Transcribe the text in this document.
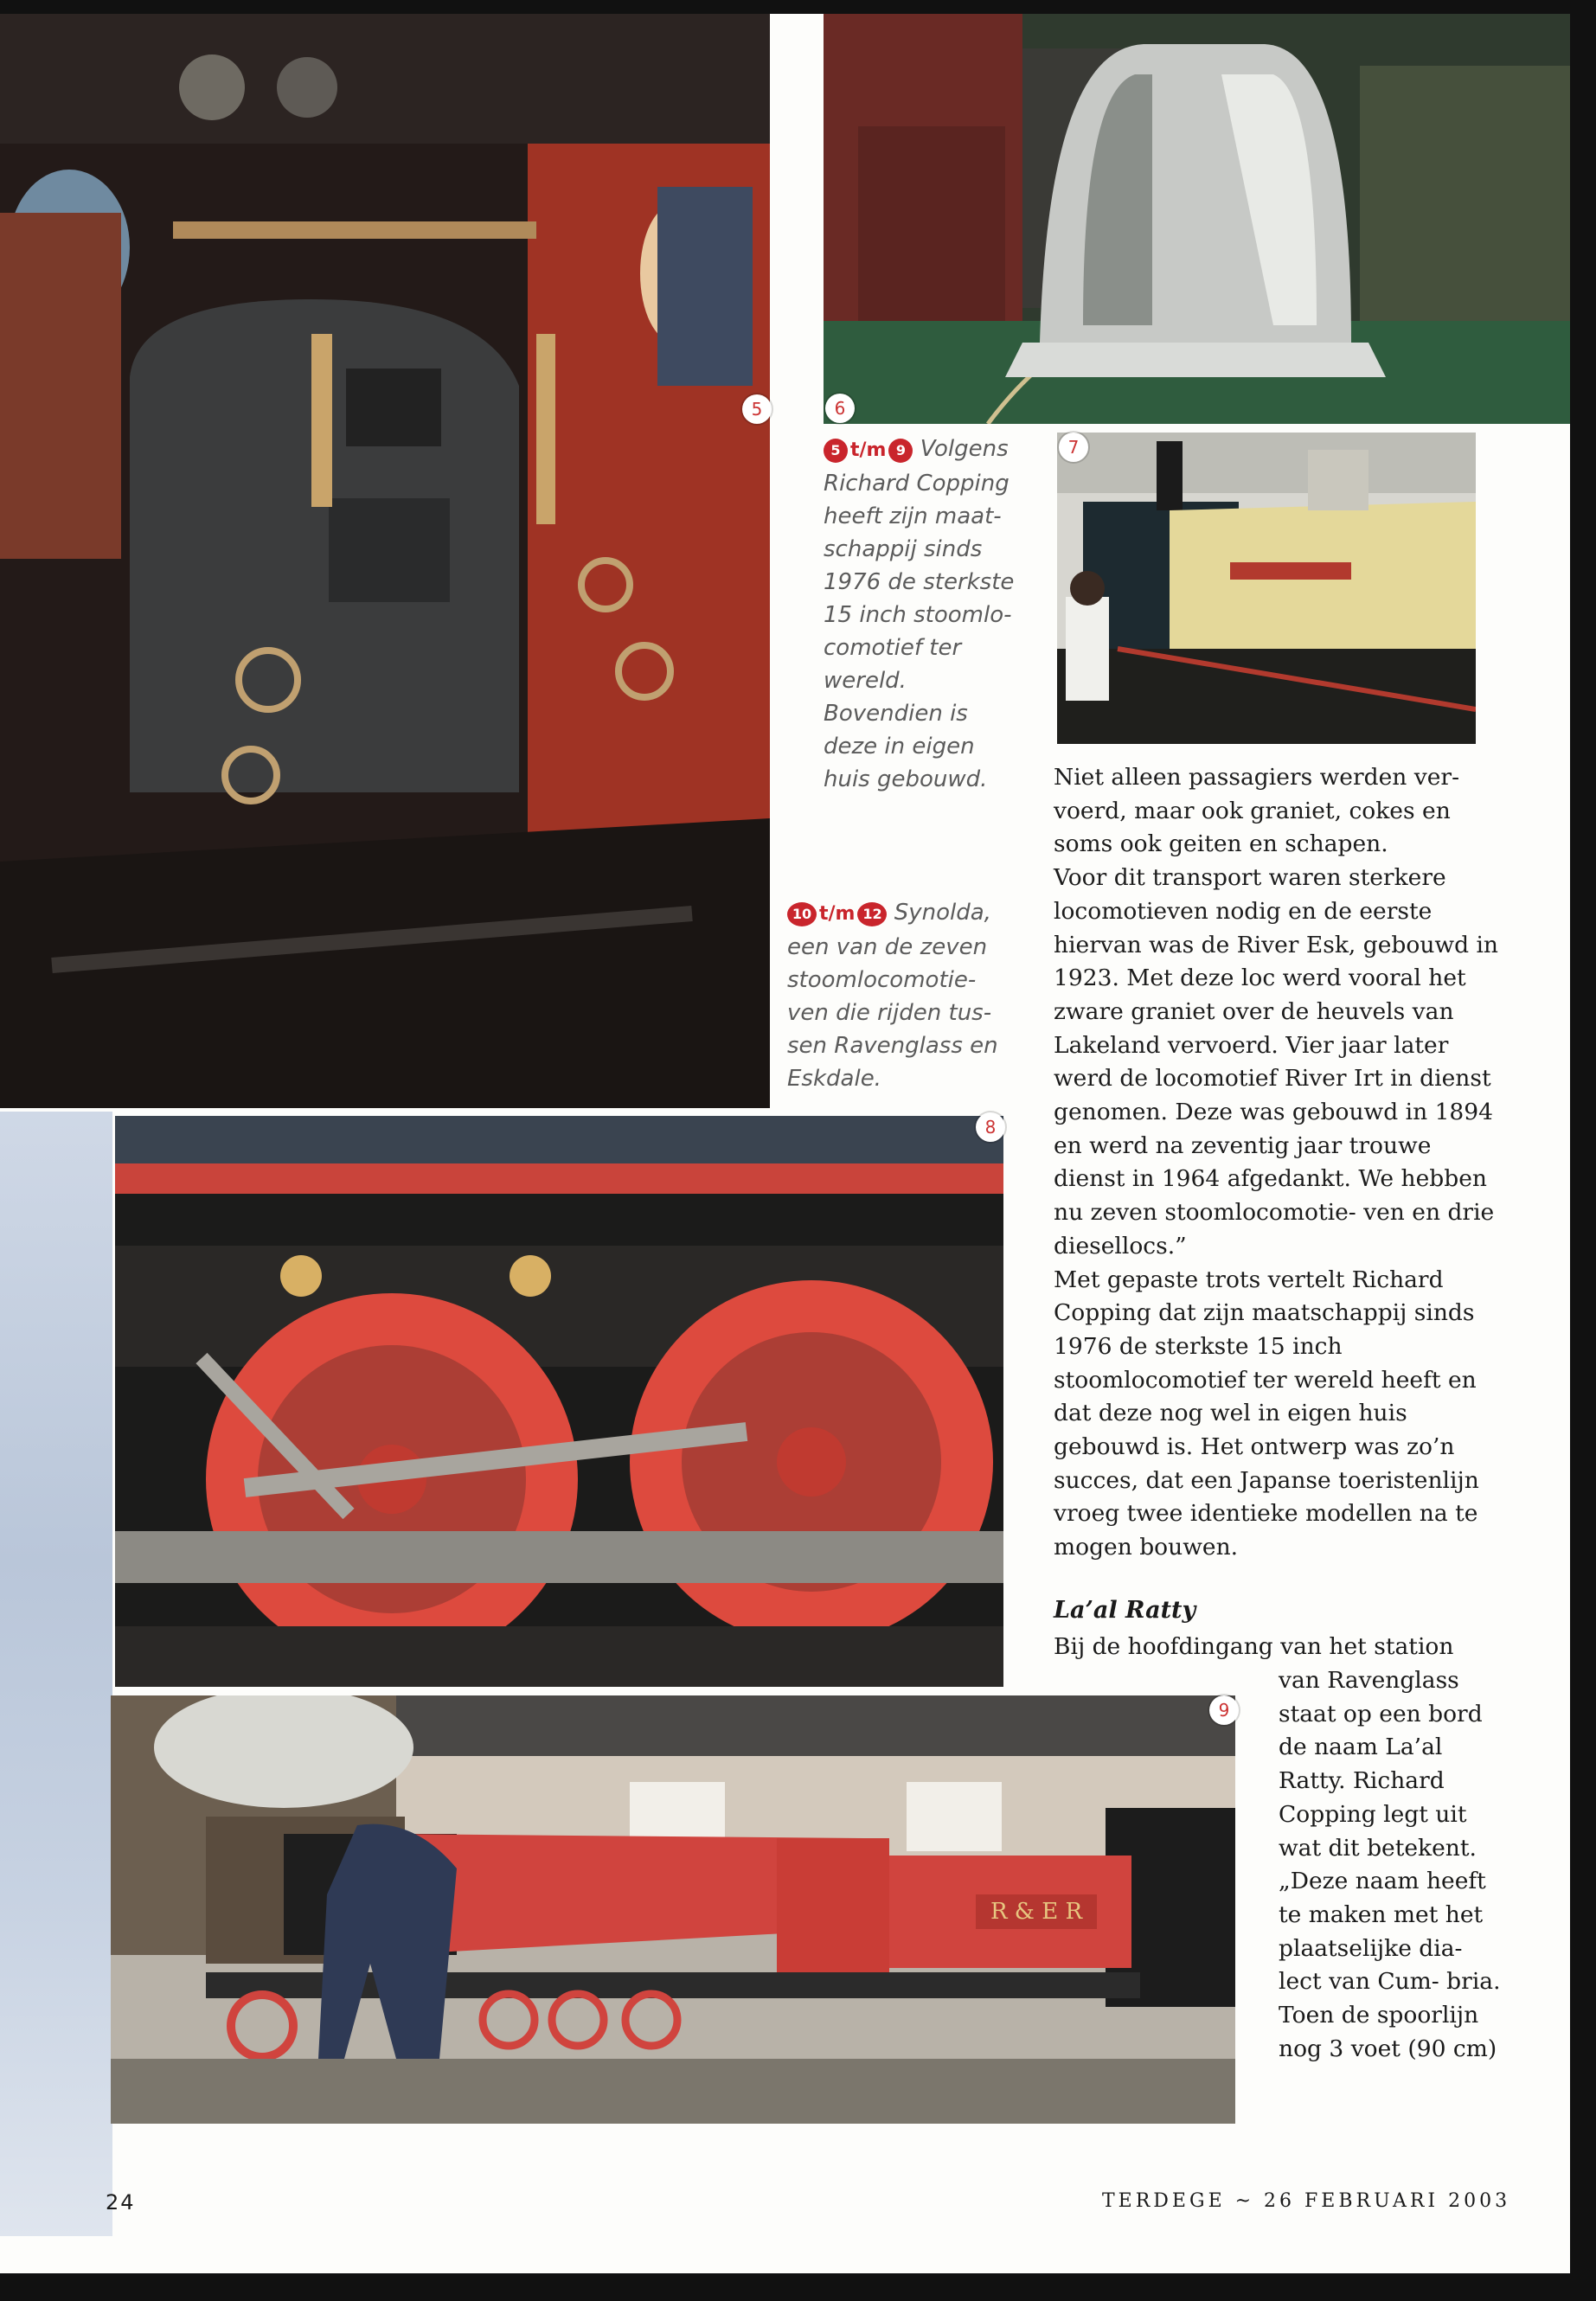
5	6
7
8
R & E R
9
5 t/m 9 Volgens Richard Copping heeft zijn maat- schappij sinds 1976 de sterkste 15 inch stoomlo- comotief ter wereld. Bovendien is deze in eigen huis gebouwd.
10 t/m 12 Synolda, een van de zeven stoomlocomotie- ven die rijden tus- sen Ravenglass en Eskdale.

Niet alleen passagiers werden ver- voerd, maar ook graniet, cokes en soms ook geiten en schapen.

Voor dit transport waren sterkere locomotieven nodig en de eerste hiervan was de River Esk, gebouwd in 1923. Met deze loc werd vooral het zware graniet over de heuvels van Lakeland vervoerd. Vier jaar later werd de locomotief River Irt in dienst genomen. Deze was gebouwd in 1894 en werd na zeventig jaar trouwe dienst in 1964 afgedankt. We hebben nu zeven stoomlocomotie- ven en drie diesellocs.”

Met gepaste trots vertelt Richard Copping dat zijn maatschappij sinds 1976 de sterkste 15 inch stoomlocomotief ter wereld heeft en dat deze nog wel in eigen huis gebouwd is. Het ontwerp was zo’n succes, dat een Japanse toeristenlijn vroeg twee identieke modellen na te mogen bouwen.

La’al Ratty
Bij de hoofdingang van het station
van Ravenglass staat op een bord de naam La’al Ratty. Richard Copping legt uit wat dit betekent. „Deze naam heeft te maken met het plaatselijke dia- lect van Cum- bria. Toen de spoorlijn nog 3 voet (90 cm)
24	TERDEGE ~ 26 FEBRUARI 2003
